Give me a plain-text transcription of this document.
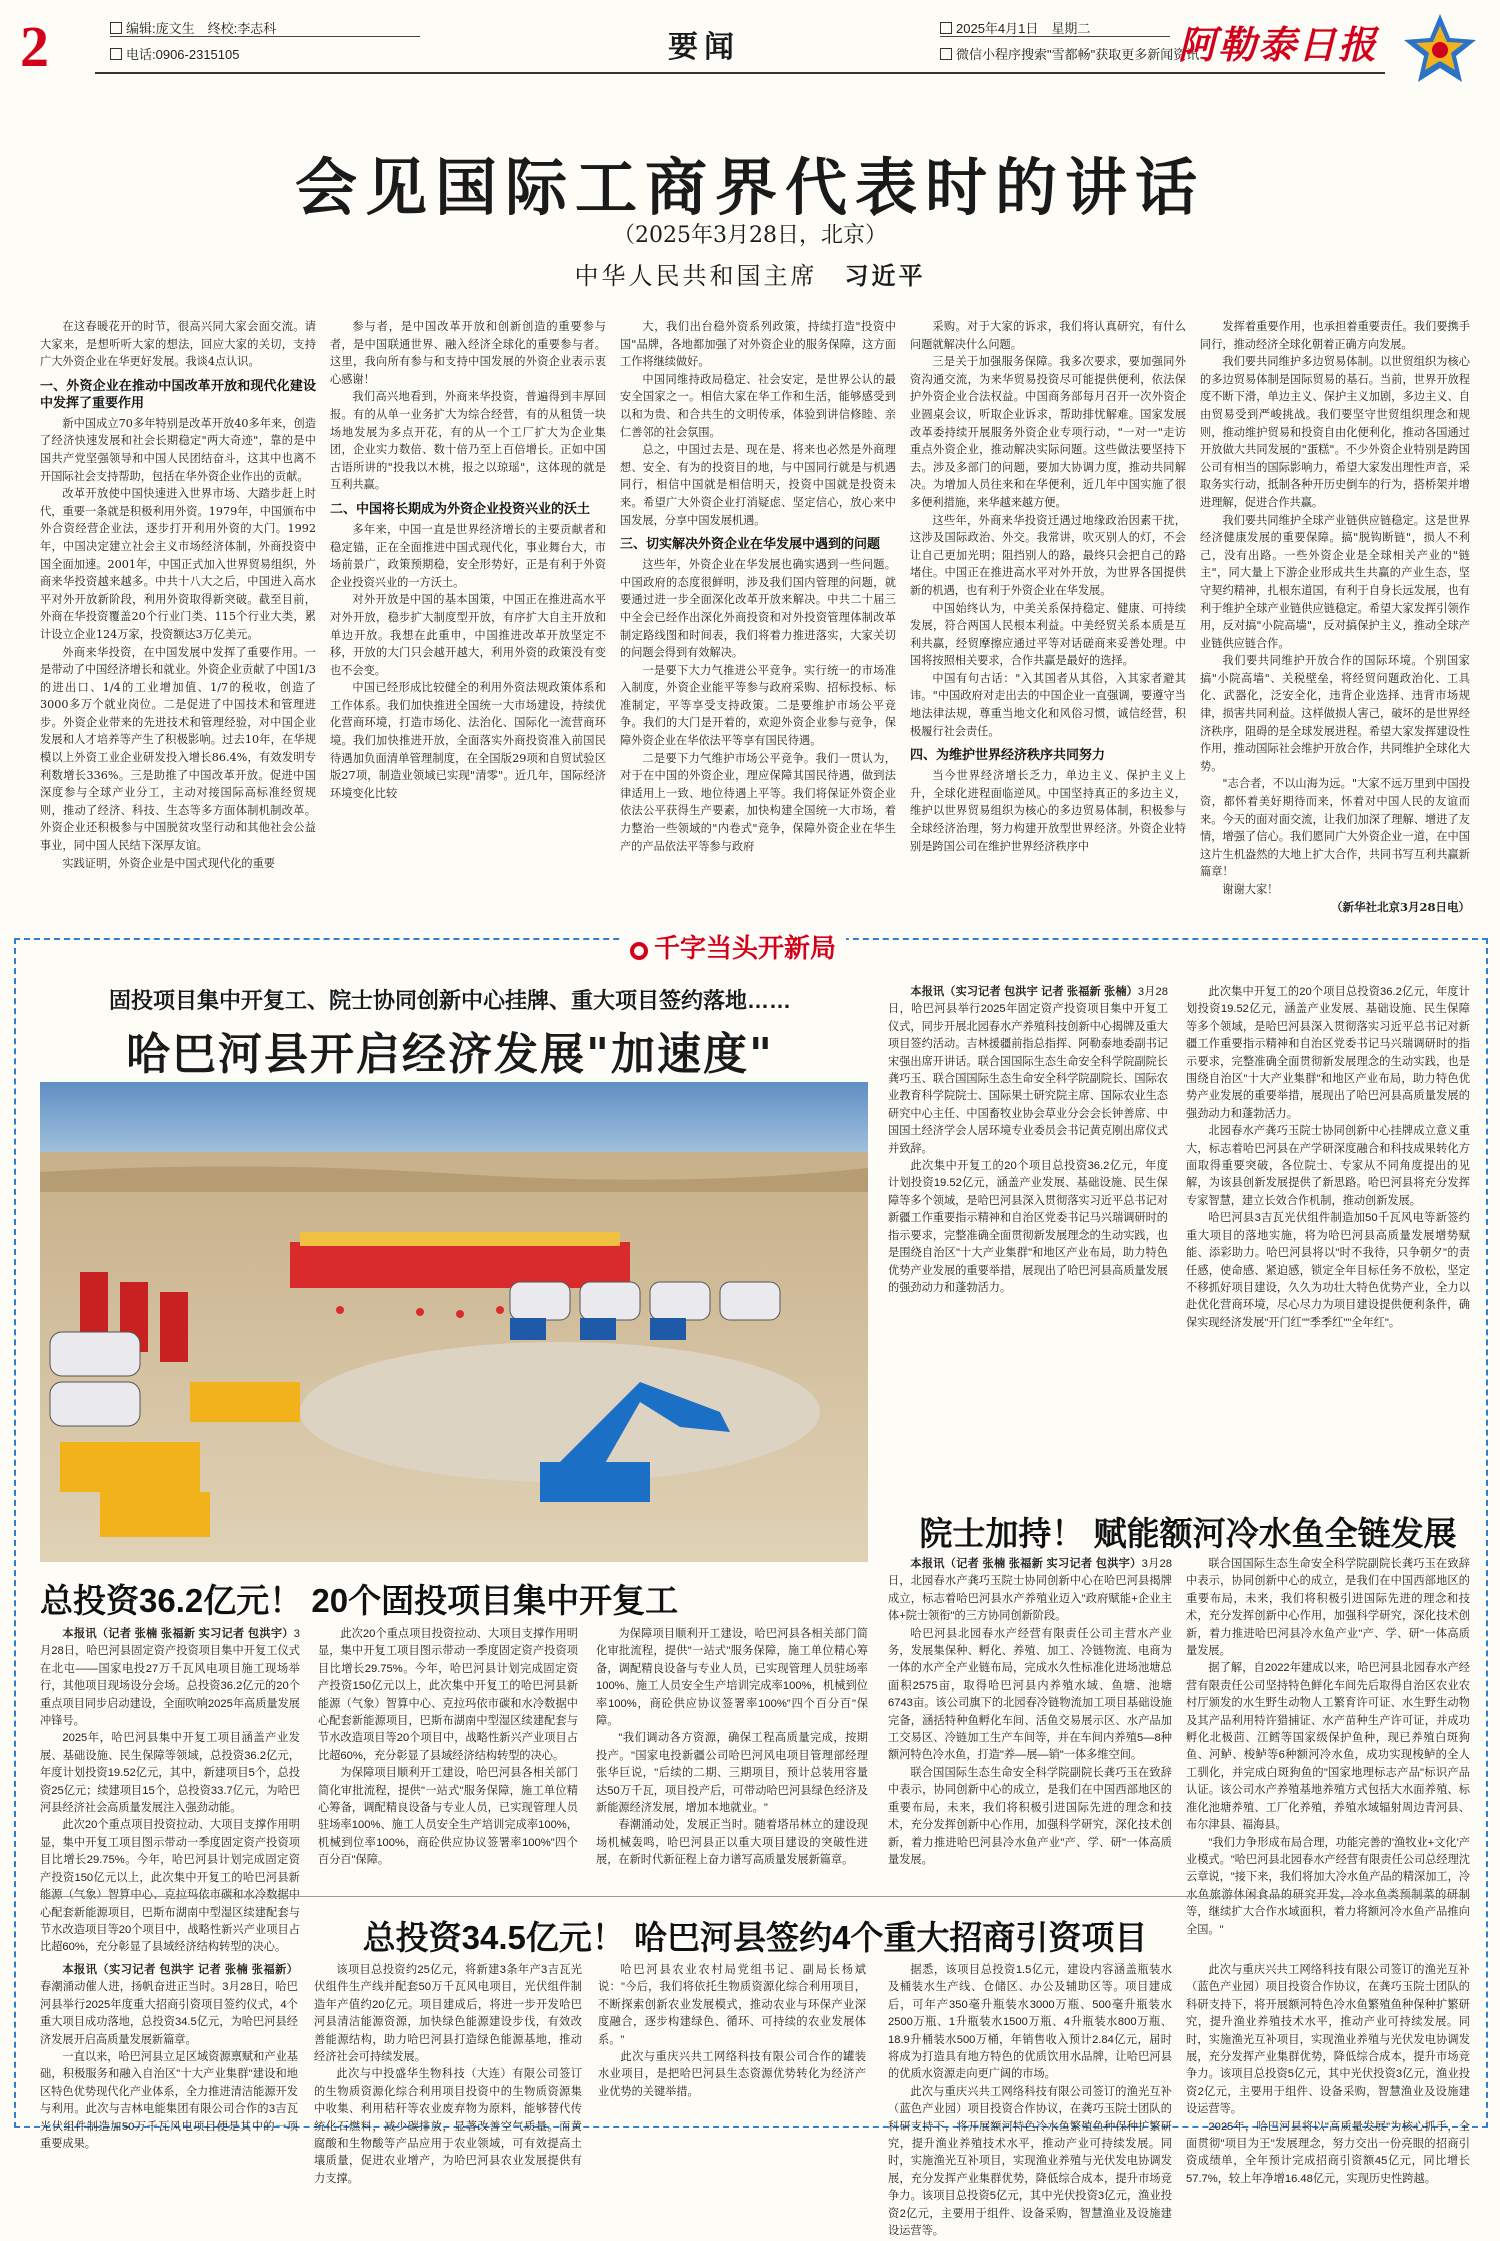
2	编辑:庞文生　终校:李志科
电话:0906-2315105	要闻
2025年4月1日　星期二
微信小程序搜索"雪都畅"获取更多新闻资讯
阿勒泰日报
会见国际工商界代表时的讲话
（2025年3月28日，北京）
中华人民共和国主席　 习近平

在这春暖花开的时节，很高兴同大家会面交流。请大家来，是想听听大家的想法，回应大家的关切，支持广大外资企业在华更好发展。我谈4点认识。

一、外资企业在推动中国改革开放和现代化建设中发挥了重要作用

新中国成立70多年特别是改革开放40多年来，创造了经济快速发展和社会长期稳定"两大奇迹"，靠的是中国共产党坚强领导和中国人民团结奋斗，这其中也离不开国际社会支持帮助，包括在华外资企业作出的贡献。

改革开放使中国快速进入世界市场、大踏步赶上时代，重要一条就是积极利用外资。1979年，中国颁布中外合资经营企业法，逐步打开利用外资的大门。1992年，中国决定建立社会主义市场经济体制，外商投资中国全面加速。2001年，中国正式加入世界贸易组织，外商来华投资越来越多。中共十八大之后，中国进入高水平对外开放新阶段，利用外资取得新突破。截至目前，外商在华投资覆盖20个行业门类、115个行业大类，累计设立企业124万家，投资额达3万亿美元。

外商来华投资，在中国发展中发挥了重要作用。一是带动了中国经济增长和就业。外资企业贡献了中国1/3的进出口、1/4的工业增加值、1/7的税收，创造了3000多万个就业岗位。二是促进了中国技术和管理进步。外资企业带来的先进技术和管理经验，对中国企业发展和人才培养等产生了积极影响。过去10年，在华规模以上外资工业企业研发投入增长86.4%，有效发明专利数增长336%。三是助推了中国改革开放。促进中国深度参与全球产业分工，主动对接国际高标准经贸规则，推动了经济、科技、生态等多方面体制机制改革。外资企业还积极参与中国脱贫攻坚行动和其他社会公益事业，同中国人民结下深厚友谊。

实践证明，外资企业是中国式现代化的重要

参与者，是中国改革开放和创新创造的重要参与者，是中国联通世界、融入经济全球化的重要参与者。这里，我向所有参与和支持中国发展的外资企业表示衷心感谢！

我们高兴地看到，外商来华投资，普遍得到丰厚回报。有的从单一业务扩大为综合经营，有的从租赁一块场地发展为多点开花，有的从一个工厂扩大为企业集团，企业实力数倍、数十倍乃至上百倍增长。正如中国古语所讲的"投我以木桃，报之以琼瑶"，这体现的就是互利共赢。

二、中国将长期成为外资企业投资兴业的沃土

多年来，中国一直是世界经济增长的主要贡献者和稳定锚，正在全面推进中国式现代化，事业舞台大，市场前景广，政策预期稳，安全形势好，正是有利于外资企业投资兴业的一方沃土。

对外开放是中国的基本国策，中国正在推进高水平对外开放，稳步扩大制度型开放，有序扩大自主开放和单边开放。我想在此重申，中国推进改革开放坚定不移，开放的大门只会越开越大，利用外资的政策没有变也不会变。

中国已经形成比较健全的利用外资法规政策体系和工作体系。我们加快推进全国统一大市场建设，持续优化营商环境，打造市场化、法治化、国际化一流营商环境。我们加快推进开放，全面落实外商投资准入前国民待遇加负面清单管理制度，在全国版29项和自贸试验区版27项，制造业领域已实现"清零"。近几年，国际经济环境变化比较

大，我们出台稳外资系列政策，持续打造"投资中国"品牌，各地都加强了对外资企业的服务保障，这方面工作将继续做好。

中国同维持政局稳定、社会安定，是世界公认的最安全国家之一。相信大家在华工作和生活，能够感受到以和为贵、和合共生的文明传承，体验到讲信修睦、亲仁善邻的社会氛围。

总之，中国过去是、现在是、将来也必然是外商理想、安全、有为的投资目的地，与中国同行就是与机遇同行，相信中国就是相信明天，投资中国就是投资未来。希望广大外资企业打消疑虑、坚定信心，放心来中国发展，分享中国发展机遇。

三、切实解决外资企业在华发展中遇到的问题

这些年，外资企业在华发展也确实遇到一些问题。中国政府的态度很鲜明，涉及我们国内管理的问题，就要通过进一步全面深化改革开放来解决。中共二十届三中全会已经作出深化外商投资和对外投资管理体制改革制定路线图和时间表，我们将着力推进落实，大家关切的问题会得到有效解决。

一是要下大力气推进公平竞争。实行统一的市场准入制度，外资企业能平等参与政府采购、招标投标、标准制定，平等享受支持政策。二是要维护市场公平竞争。我们的大门是开着的，欢迎外资企业参与竞争，保障外资企业在华依法平等享有国民待遇。

二是要下力气维护市场公平竞争。我们一贯认为，对于在中国的外资企业，理应保障其国民待遇，做到法律适用上一致、地位待遇上平等。我们将保证外资企业依法公平获得生产要素，加快构建全国统一大市场，着力整治一些领域的"内卷式"竞争，保障外资企业在华生产的产品依法平等参与政府

采购。对于大家的诉求，我们将认真研究，有什么问题就解决什么问题。

三是关于加强服务保障。我多次要求，要加强同外资沟通交流，为来华贸易投资尽可能提供便利，依法保护外资企业合法权益。中国商务部每月召开一次外资企业圆桌会议，听取企业诉求，帮助排忧解难。国家发展改革委持续开展服务外资企业专项行动，"一对一"走访重点外资企业，推动解决实际问题。这些做法要坚持下去。涉及多部门的问题，要加大协调力度，推动共同解决。为增加人员往来和在华便利，近几年中国实施了很多便利措施，来华越来越方便。

这些年，外商来华投资迁遇过地缘政治因素干扰，这涉及国际政治、外交。我常讲，吹灭别人的灯，不会让自己更加光明；阻挡别人的路，最终只会把自己的路堵住。中国正在推进高水平对外开放，为世界各国提供新的机遇，也有利于外资企业在华发展。

中国始终认为，中美关系保持稳定、健康、可持续发展，符合两国人民根本利益。中美经贸关系本质是互利共赢，经贸摩擦应通过平等对话磋商来妥善处理。中国将按照相关要求，合作共赢是最好的选择。

中国有句古话："入其国者从其俗，入其家者避其讳。"中国政府对走出去的中国企业一直强调，要遵守当地法律法规，尊重当地文化和风俗习惯，诚信经营，积极履行社会责任。

四、为维护世界经济秩序共同努力

当今世界经济增长乏力，单边主义、保护主义上升，全球化进程面临逆风。中国坚持真正的多边主义，维护以世界贸易组织为核心的多边贸易体制，积极参与全球经济治理，努力构建开放型世界经济。外资企业特别是跨国公司在维护世界经济秩序中

发挥着重要作用，也承担着重要责任。我们要携手同行，推动经济全球化朝着正确方向发展。

我们要共同维护多边贸易体制。以世贸组织为核心的多边贸易体制是国际贸易的基石。当前，世界开放程度不断下滑，单边主义、保护主义加剧，多边主义、自由贸易受到严峻挑战。我们要坚守世贸组织理念和规则，推动维护贸易和投资自由化便利化，推动各国通过开放做大共同发展的"蛋糕"。不少外资企业特别是跨国公司有相当的国际影响力，希望大家发出理性声音，采取务实行动，抵制各种开历史倒车的行为，搭桥架并增进理解，促进合作共赢。

我们要共同维护全球产业链供应链稳定。这是世界经济健康发展的重要保障。搞"脱钩断链"，损人不利己，没有出路。一些外资企业是全球相关产业的"链主"，同大量上下游企业形成共生共赢的产业生态，坚守契约精神，扎根东道国，有利于自身长远发展，也有利于维护全球产业链供应链稳定。希望大家发挥引领作用，反对搞"小院高墙"，反对搞保护主义，推动全球产业链供应链合作。

我们要共同维护开放合作的国际环境。个别国家搞"小院高墙"、关税壁垒，将经贸问题政治化、工具化、武器化，泛安全化，违背企业选择、违背市场规律，损害共同利益。这样做损人害己，破坏的是世界经济秩序，阻碍的是全球发展进程。希望大家发挥建设性作用，推动国际社会维护开放合作，共同维护全球化大势。

"志合者，不以山海为远。"大家不远万里到中国投资，都怀着美好期待而来，怀着对中国人民的友谊而来。今天的面对面交流，让我们加深了理解、增进了友情，增强了信心。我们愿同广大外资企业一道，在中国这片生机盎然的大地上扩大合作，共同书写互利共赢新篇章！

谢谢大家！

（新华社北京3月28日电）
千字当头开新局
固投项目集中开复工、院士协同创新中心挂牌、重大项目签约落地……
哈巴河县开启经济发展"加速度"
总投资36.2亿元！ 20个固投项目集中开复工

本报讯（记者 张楠 张福新 实习记者 包洪宇）3月28日，哈巴河县固定资产投资项目集中开复工仪式在北屯——国家电投27万千瓦风电项目施工现场举行，其他项目现场设分会场。总投资36.2亿元的20个重点项目同步启动建设，全面吹响2025年高质量发展冲锋号。

2025年，哈巴河县集中开复工项目涵盖产业发展、基础设施、民生保障等领域，总投资36.2亿元，年度计划投资19.52亿元，其中，新建项目5个，总投资25亿元；续建项目15个，总投资33.7亿元，为哈巴河县经济社会高质量发展注入强劲动能。

此次20个重点项目投资拉动、大项目支撑作用明显，集中开复工项目图示带动一季度固定资产投资项目比增长29.75%。今年，哈巴河县计划完成固定资产投资150亿元以上，此次集中开复工的哈巴河县新能源（气象）智算中心、克拉玛依市碳和水冷数据中心配套新能源项目，巴斯布湖南中型湿区续建配套与节水改造项目等20个项目中，战略性新兴产业项目占比超60%，充分彰显了县域经济结构转型的决心。

此次20个重点项目投资拉动、大项目支撑作用明显，集中开复工项目图示带动一季度固定资产投资项目比增长29.75%。今年，哈巴河县计划完成固定资产投资150亿元以上，此次集中开复工的哈巴河县新能源（气象）智算中心、克拉玛依市碳和水冷数据中心配套新能源项目，巴斯布湖南中型湿区续建配套与节水改造项目等20个项目中，战略性新兴产业项目占比超60%，充分彰显了县域经济结构转型的决心。

为保障项目顺利开工建设，哈巴河县各相关部门简化审批流程，提供"一站式"服务保障，施工单位精心筹备，调配精良设备与专业人员，已实现管理人员驻场率100%、施工人员安全生产培训完成率100%，机械到位率100%，商砼供应协议签署率100%"四个百分百"保障。

为保障项目顺利开工建设，哈巴河县各相关部门简化审批流程，提供"一站式"服务保障，施工单位精心筹备，调配精良设备与专业人员，已实现管理人员驻场率100%、施工人员安全生产培训完成率100%，机械到位率100%，商砼供应协议签署率100%"四个百分百"保障。

"我们调动各方资源，确保工程高质量完成，按期投产。"国家电投新疆公司哈巴河风电项目管理部经理张华巨说，"后续的二期、三期项目，预计总装用容量达50万千瓦，项目投产后，可带动哈巴河县绿色经济及新能源经济发展，增加本地就业。"

春潮涌动处，发展正当时。随着塔吊林立的建设现场机械轰鸣，哈巴河县正以重大项目建设的突破性进展，在新时代新征程上奋力谱写高质量发展新篇章。

本报讯（实习记者 包洪宇 记者 张福新 张楠）3月28日，哈巴河县举行2025年固定资产投资项目集中开复工仪式，同步开展北园春水产养殖科技创新中心揭牌及重大项目签约活动。吉林援疆前指总指挥、阿勒泰地委副书记宋强出席开讲话。联合国国际生态生命安全科学院副院长龚巧玉、联合国国际生态生命安全科学院副院长、国际农业教育科学院院士、国际果土研究院主席、国际农业生态研究中心主任、中国畜牧业协会草业分会会长钟善席、中国国土经济学会人居环境专业委员会书记黄克刚出席仪式并致辞。

此次集中开复工的20个项目总投资36.2亿元，年度计划投资19.52亿元，涵盖产业发展、基础设施、民生保障等多个领域，是哈巴河县深入贯彻落实习近平总书记对新疆工作重要指示精神和自治区党委书记马兴瑞调研时的指示要求，完整准确全面贯彻新发展理念的生动实践，也是围绕自治区"十大产业集群"和地区产业布局，助力特色优势产业发展的重要举措，展现出了哈巴河县高质量发展的强劲动力和蓬勃活力。

此次集中开复工的20个项目总投资36.2亿元，年度计划投资19.52亿元，涵盖产业发展、基础设施、民生保障等多个领域，是哈巴河县深入贯彻落实习近平总书记对新疆工作重要指示精神和自治区党委书记马兴瑞调研时的指示要求，完整准确全面贯彻新发展理念的生动实践，也是围绕自治区"十大产业集群"和地区产业布局，助力特色优势产业发展的重要举措，展现出了哈巴河县高质量发展的强劲动力和蓬勃活力。

北园春水产龚巧玉院士协同创新中心挂牌成立意义重大，标志着哈巴河县在产学研深度融合和科技成果转化方面取得重要突破，各位院士、专家从不同角度提出的见解，为该县创新发展提供了新思路。哈巴河县将充分发挥专家智慧，建立长效合作机制，推动创新发展。

哈巴河县3吉瓦光伏组件制造加50千瓦风电等新签约重大项目的落地实施，将为哈巴河县高质量发展增势赋能、添彩助力。哈巴河县将以"时不我待，只争朝夕"的责任感，使命感、紧迫感，锁定全年目标任务不放松，坚定不移抓好项目建设，久久为功壮大特色优势产业，全力以赴优化营商环境，尽心尽力为项目建设提供便利条件，确保实现经济发展"开门红""季季红""全年红"。

院士加持！ 赋能额河冷水鱼全链发展

本报讯（记者 张楠 张福新 实习记者 包洪宇）3月28日，北园春水产龚巧玉院士协同创新中心在哈巴河县揭牌成立，标志着哈巴河县水产养殖业迈入"政府赋能+企业主体+院士领衔"的三方协同创新阶段。

哈巴河县北园春水产经营有限责任公司主营水产业务，发展集保种、孵化、养殖、加工、冷链物流、电商为一体的水产全产业链布局，完成水久性标准化进场池塘总面积2575亩，取得哈巴河县内养殖水域、鱼塘、池塘6743亩。该公司旗下的北园春冷链物流加工项目基础设施完备，涵括特种鱼孵化车间、活鱼交易展示区、水产品加工交易区、冷链加工生产车间等，并在车间内养殖5—8种额河特色冷水鱼，打造"养—展—销"一体多维空间。

联合国国际生态生命安全科学院副院长龚巧玉在致辞中表示，协同创新中心的成立，是我们在中国西部地区的重要布局，未来，我们将积极引进国际先进的理念和技术，充分发挥创新中心作用，加强科学研究，深化技术创新，着力推进哈巴河县冷水鱼产业"产、学、研"一体高质量发展。

联合国国际生态生命安全科学院副院长龚巧玉在致辞中表示，协同创新中心的成立，是我们在中国西部地区的重要布局，未来，我们将积极引进国际先进的理念和技术，充分发挥创新中心作用，加强科学研究，深化技术创新，着力推进哈巴河县冷水鱼产业"产、学、研"一体高质量发展。

据了解，自2022年建成以来，哈巴河县北园春水产经营有限责任公司坚持特色鲜化车间先后取得自治区农业农村厅颁发的水生野生动物人工繁育许可证、水生野生动物及其产品利用特许猎捕证、水产苗种生产许可证，并成功孵化北极茴、江鳕等国家级保护鱼种，现已养殖白斑狗鱼、河鲈、梭鲈等6种额河冷水鱼，成功实现梭鲈的全人工驯化，并完成白斑狗鱼的"国家地理标志产品"标识产品认证。该公司水产养殖基地养殖方式包括大水面养殖、标准化池塘养殖、工厂化养殖，养殖水域辐射周边青河县、布尔津县、福海县。

"我们力争形成布局合理，功能完善的'渔牧业+文化'产业模式。"哈巴河县北园春水产经营有限责任公司总经理沈云章说，"接下来，我们将加大冷水鱼产品的精深加工，冷水鱼旅游休闲食品的研究开发，冷水鱼类预制菜的研制等，继续扩大合作水域面积，着力将额河冷水鱼产品推向全国。"

总投资34.5亿元！ 哈巴河县签约4个重大招商引资项目

本报讯（实习记者 包洪宇 记者 张楠 张福新）春潮涌动催人进，扬帆奋进正当时。3月28日，哈巴河县举行2025年度重大招商引资项目签约仪式，4个重大项目成功落地，总投资34.5亿元，为哈巴河县经济发展开启高质量发展新篇章。

一直以来，哈巴河县立足区域资源禀赋和产业基础，积极服务和融入自治区"十大产业集群"建设和地区特色优势现代化产业体系，全力推进清洁能源开发与利用。此次与吉林电能集团有限公司合作的3吉瓦光伏组件制造加50万千瓦风电项目便是其中的一项重要成果。

该项目总投资约25亿元，将新建3条年产3吉瓦光伏组件生产线并配套50万千瓦风电项目，光伏组件制造年产值约20亿元。项目建成后，将进一步开发哈巴河县清洁能源资源，加快绿色能源建设步伐，有效改善能源结构，助力哈巴河县打造绿色能源基地，推动经济社会可持续发展。

此次与中投盛华生物科技（大连）有限公司签订的生物质资源化综合利用项目投资中的生物质资源集中收集、利用秸秆等农业废弃物为原料，能够替代传统化石燃料，减少碳排放，显著改善空气质量。而黄腐酸和生物酸等产品应用于农业领域，可有效提高土壤质量，促进农业增产，为哈巴河县农业发展提供有力支撑。

哈巴河县农业农村局党组书记、副局长杨斌说："今后，我们将依托生物质资源化综合利用项目，不断探索创新农业发展模式，推动农业与环保产业深度融合，逐步构建绿色、循环、可持续的农业发展体系。"

此次与重庆兴共工网络科技有限公司合作的罐装水业项目，是把哈巴河县生态资源优势转化为经济产业优势的关键举措。

据悉，该项目总投资1.5亿元，建设内容涵盖瓶装水及桶装水生产线、仓储区、办公及辅助区等。项目建成后，可年产350毫升瓶装水3000万瓶、500毫升瓶装水2500万瓶、1升瓶装水1500万瓶、4升瓶装水800万瓶、18.9升桶装水500万桶，年销售收入预计2.84亿元，届时将成为打造具有地方特色的优质饮用水品牌，让哈巴河县的优质水资源走向更广阔的市场。

此次与重庆兴共工网络科技有限公司签订的渔光互补（蓝色产业园）项目投资合作协议，在龚巧玉院士团队的科研支持下，将开展额河特色冷水鱼繁殖鱼种保种扩繁研究，提升渔业养殖技术水平，推动产业可持续发展。同时，实施渔光互补项目，实现渔业养殖与光伏发电协调发展，充分发挥产业集群优势，降低综合成本，提升市场竞争力。该项目总投资5亿元，其中光伏投资3亿元，渔业投资2亿元，主要用于组件、设备采购，智慧渔业及设施建设运营等。

此次与重庆兴共工网络科技有限公司签订的渔光互补（蓝色产业园）项目投资合作协议，在龚巧玉院士团队的科研支持下，将开展额河特色冷水鱼繁殖鱼种保种扩繁研究，提升渔业养殖技术水平，推动产业可持续发展。同时，实施渔光互补项目，实现渔业养殖与光伏发电协调发展，充分发挥产业集群优势，降低综合成本，提升市场竞争力。该项目总投资5亿元，其中光伏投资3亿元，渔业投资2亿元，主要用于组件、设备采购，智慧渔业及设施建设运营等。

2025年，哈巴河县将以"高质量发展"为核心抓手，全面贯彻"项目为王"发展理念，努力交出一份亮眼的招商引资成绩单，全年预计完成招商引资额45亿元，同比增长57.7%，较上年净增16.48亿元，实现历史性跨越。
